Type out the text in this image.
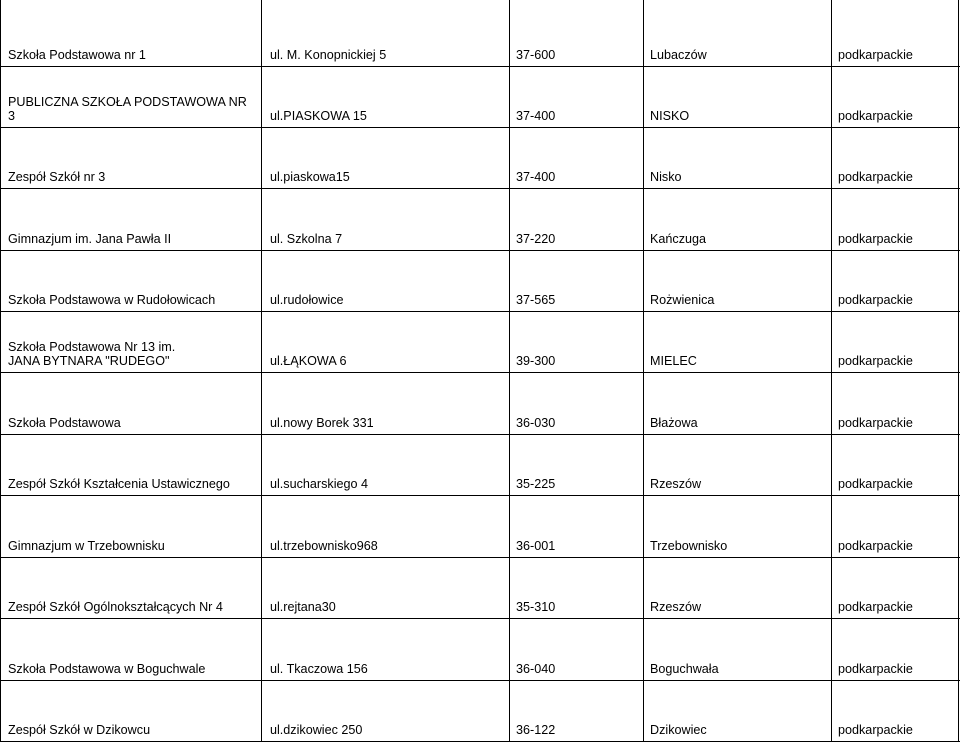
Szkoła Podstawowa nr 1	ul. M. Konopnickiej 5	37-600	Lubaczów	podkarpackie
PUBLICZNA SZKOŁA PODSTAWOWA NR 3	ul.PIASKOWA 15	37-400	NISKO	podkarpackie
Zespół Szkół nr 3	ul.piaskowa15	37-400	Nisko	podkarpackie
Gimnazjum im. Jana Pawła II	ul. Szkolna 7	37-220	Kańczuga	podkarpackie
Szkoła Podstawowa w Rudołowicach	ul.rudołowice	37-565	Rożwienica	podkarpackie
Szkoła Podstawowa Nr 13 im. JANA BYTNARA "RUDEGO"	ul.ŁĄKOWA 6	39-300	MIELEC	podkarpackie
Szkoła Podstawowa	ul.nowy Borek 331	36-030	Błażowa	podkarpackie
Zespół Szkół Kształcenia Ustawicznego	ul.sucharskiego 4	35-225	Rzeszów	podkarpackie
Gimnazjum w Trzebownisku	ul.trzebownisko968	36-001	Trzebownisko	podkarpackie
Zespół Szkół Ogólnokształcących Nr 4	ul.rejtana30	35-310	Rzeszów	podkarpackie
Szkoła Podstawowa w Boguchwale	ul. Tkaczowa 156	36-040	Boguchwała	podkarpackie
Zespół Szkół w Dzikowcu	ul.dzikowiec 250	36-122	Dzikowiec	podkarpackie
